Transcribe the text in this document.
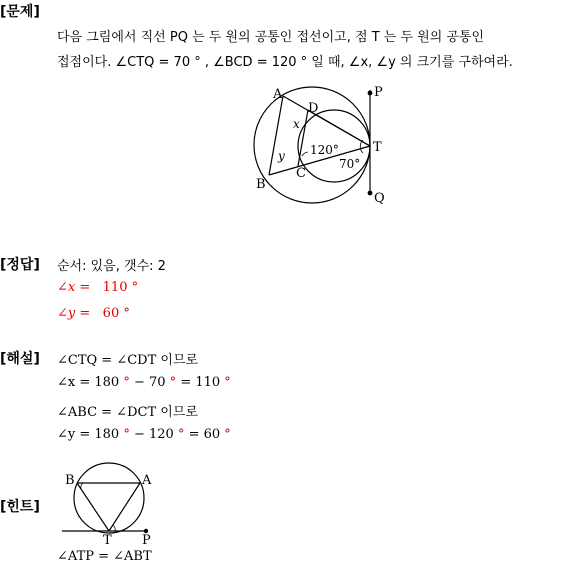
[문제]
다음 그림에서 직선 PQ 는 두 원의 공통인 접선이고, 점 T 는 두 원의 공통인
접점이다. ∠CTQ = 70 ° , ∠BCD = 120 ° 일 때, ∠x, ∠y 의 크기를 구하여라.
A
B
C
D
T
P
Q
x
y 120°
70°
[정답] 순서: 있음, 갯수: 2
∠x = 110 °
∠y = 60 °
[해설] ∠CTQ = ∠CDT 이므로
∠x = 180 ° − 70 ° = 110 °
∠ABC = ∠DCT 이므로
∠y = 180 ° − 120 ° = 60 °
[힌트]
B	A
T P
∠ATP = ∠ABT
